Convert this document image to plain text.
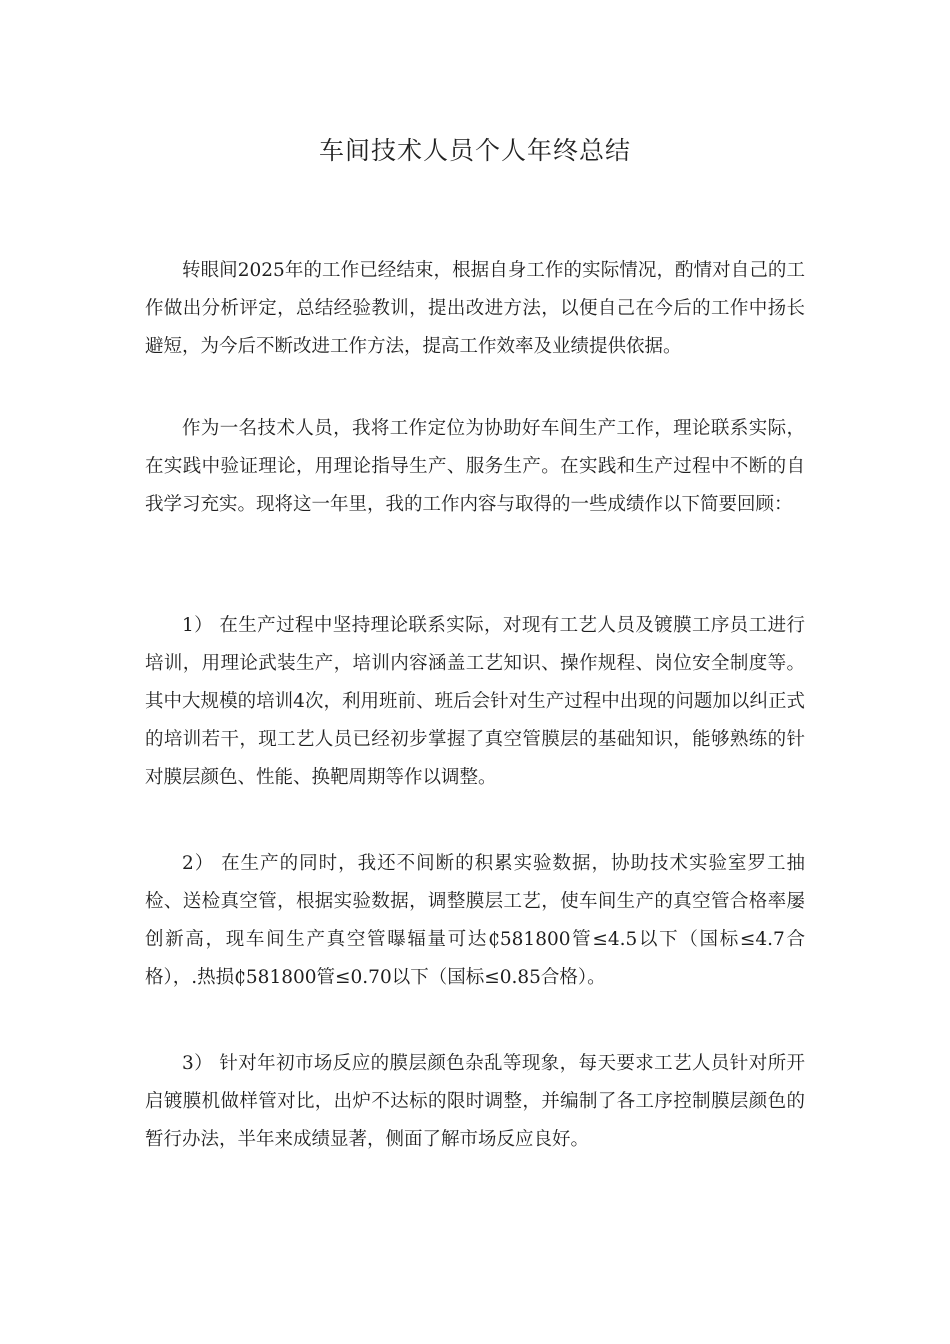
车间技术人员个人年终总结

转眼间2025年的工作已经结束，根据自身工作的实际情况，酌情对自己的工作做出分析评定，总结经验教训，提出改进方法，以便自己在今后的工作中扬长避短，为今后不断改进工作方法，提高工作效率及业绩提供依据。

作为一名技术人员，我将工作定位为协助好车间生产工作，理论联系实际，在实践中验证理论，用理论指导生产、服务生产。在实践和生产过程中不断的自我学习充实。现将这一年里，我的工作内容与取得的一些成绩作以下简要回顾：

1） 在生产过程中坚持理论联系实际，对现有工艺人员及镀膜工序员工进行培训，用理论武装生产，培训内容涵盖工艺知识、操作规程、岗位安全制度等。其中大规模的培训4次，利用班前、班后会针对生产过程中出现的问题加以纠正式的培训若干，现工艺人员已经初步掌握了真空管膜层的基础知识，能够熟练的针对膜层颜色、性能、换靶周期等作以调整。

2） 在生产的同时，我还不间断的积累实验数据，协助技术实验室罗工抽检、送检真空管，根据实验数据，调整膜层工艺，使车间生产的真空管合格率屡创新高，现车间生产真空管曝辐量可达₵581800管≤4.5以下（国标≤4.7合格），.热损₵581800管≤0.70以下（国标≤0.85合格）。

3） 针对年初市场反应的膜层颜色杂乱等现象，每天要求工艺人员针对所开启镀膜机做样管对比，出炉不达标的限时调整，并编制了各工序控制膜层颜色的暂行办法，半年来成绩显著，侧面了解市场反应良好。
